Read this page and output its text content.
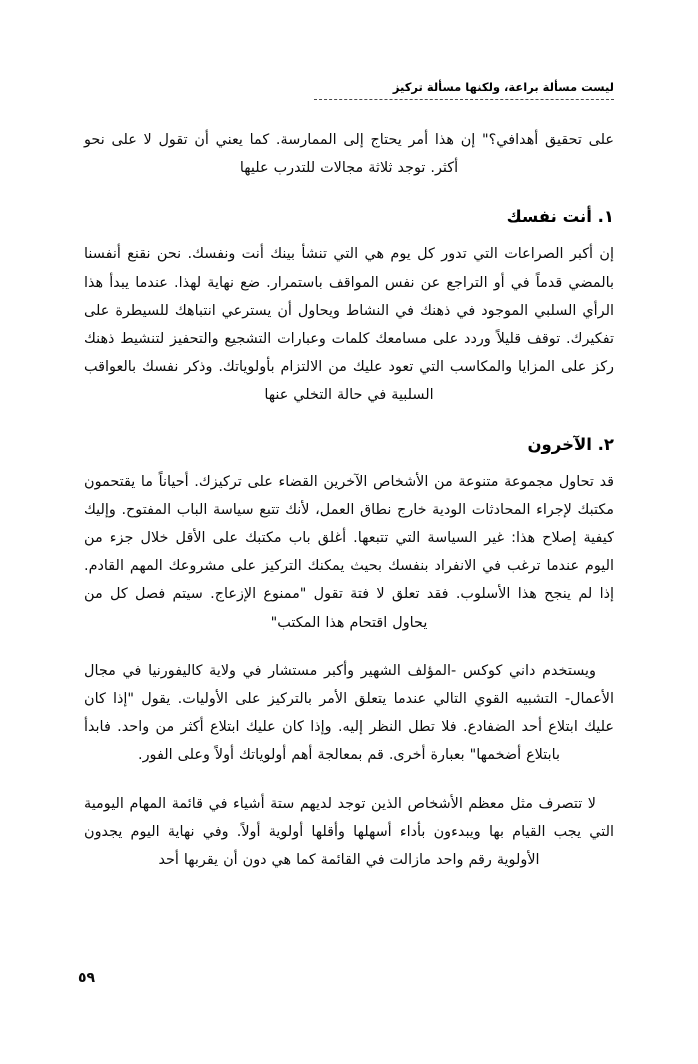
ليست مسألة براعة، ولكنها مسألة تركيز

على تحقيق أهدافي؟" إن هذا أمر يحتاج إلى الممارسة. كما يعني أن تقول لا على نحو أكثر. توجد ثلاثة مجالات للتدرب عليها

١. أنت نفسك

إن أكبر الصراعات التي تدور كل يوم هي التي تنشأ بينك أنت ونفسك. نحن نقنع أنفسنا بالمضي قدماً في أو التراجع عن نفس المواقف باستمرار. ضع نهاية لهذا. عندما يبدأ هذا الرأي السلبي الموجود في ذهنك في النشاط ويحاول أن يسترعي انتباهك للسيطرة على تفكيرك. توقف قليلاً وردد على مسامعك كلمات وعبارات التشجيع والتحفيز لتنشيط ذهنك ركز على المزايا والمكاسب التي تعود عليك من الالتزام بأولوياتك. وذكر نفسك بالعواقب السلبية في حالة التخلي عنها

٢. الآخرون

قد تحاول مجموعة متنوعة من الأشخاص الآخرين القضاء على تركيزك. أحياناً ما يقتحمون مكتبك لإجراء المحادثات الودية خارج نطاق العمل، لأنك تتبع سياسة الباب المفتوح. وإليك كيفية إصلاح هذا: غير السياسة التي تتبعها. أغلق باب مكتبك على الأقل خلال جزء من اليوم عندما ترغب في الانفراد بنفسك بحيث يمكنك التركيز على مشروعك المهم القادم. إذا لم ينجح هذا الأسلوب. فقد تعلق لا فتة تقول "ممنوع الإزعاج. سيتم فصل كل من يحاول اقتحام هذا المكتب"

ويستخدم داني كوكس -المؤلف الشهير وأكبر مستشار في ولاية كاليفورنيا في مجال الأعمال- التشبيه القوي التالي عندما يتعلق الأمر بالتركيز على الأوليات. يقول "إذا كان عليك ابتلاع أحد الضفادع. فلا تطل النظر إليه. وإذا كان عليك ابتلاع أكثر من واحد. فابدأ بابتلاع أضخمها" بعبارة أخرى. قم بمعالجة أهم أولوياتك أولاً وعلى الفور.

لا تتصرف مثل معظم الأشخاص الذين توجد لديهم ستة أشياء في قائمة المهام اليومية التي يجب القيام بها ويبدءون بأداء أسهلها وأقلها أولوية أولاً. وفي نهاية اليوم يجدون الأولوية رقم واحد مازالت في القائمة كما هي دون أن يقربها أحد

٥٩
